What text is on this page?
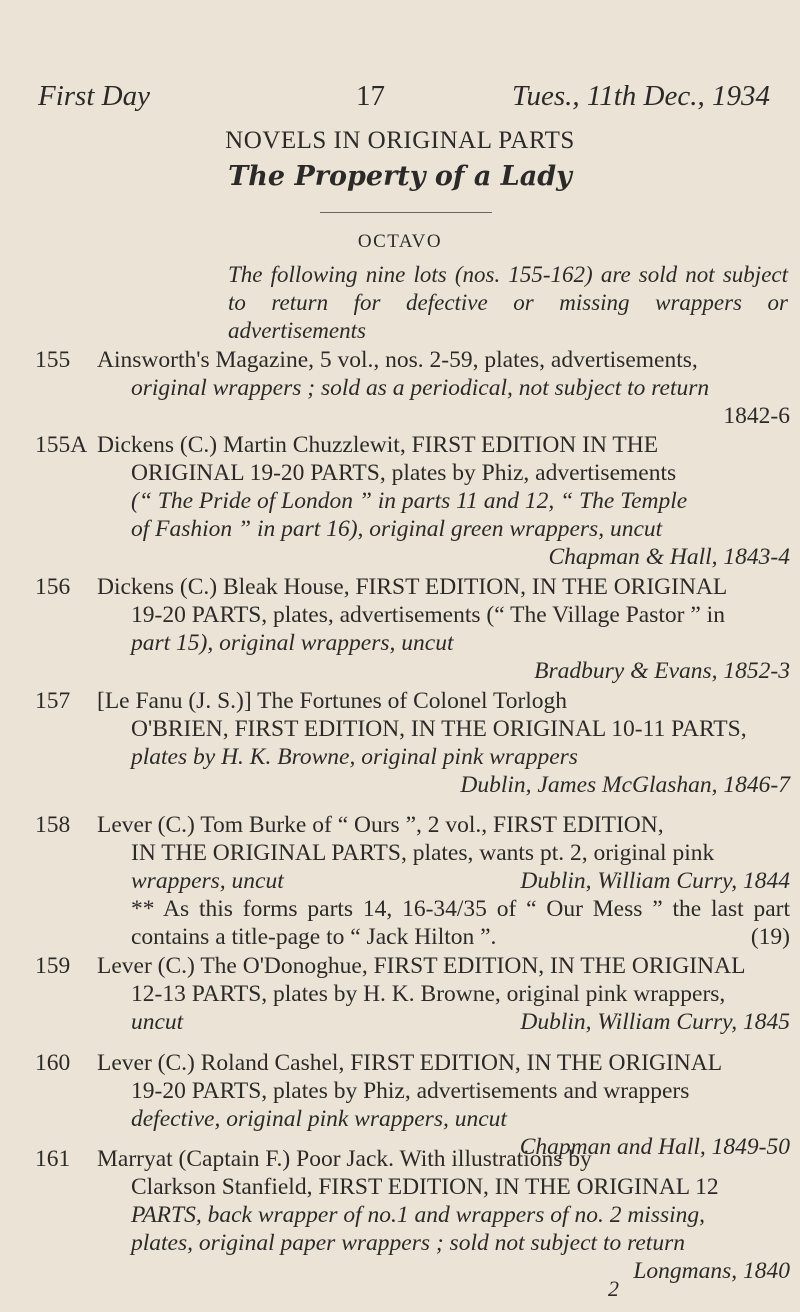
First Day	17	Tues., 11th Dec., 1934
NOVELS IN ORIGINAL PARTS
The Property of a Lady
OCTAVO
The following nine lots (nos. 155-162) are sold not subject to return for defective or missing wrappers or advertisements
155	Ainsworth's Magazine, 5 vol., nos. 2-59, plates, advertisements,
original wrappers ; sold as a periodical, not subject to return
1842-6
155A Dickens (C.) Martin Chuzzlewit, FIRST EDITION IN THE
ORIGINAL 19-20 PARTS, plates by Phiz, advertisements
(“ The Pride of London ” in parts 11 and 12, “ The Temple
of Fashion ” in part 16), original green wrappers, uncut
Chapman & Hall, 1843-4
156	Dickens (C.) Bleak House, FIRST EDITION, IN THE ORIGINAL
19-20 PARTS, plates, advertisements (“ The Village Pastor ” in
part 15), original wrappers, uncut
Bradbury & Evans, 1852-3
157	[Le Fanu (J. S.)] The Fortunes of Colonel Torlogh
O'BRIEN, FIRST EDITION, IN THE ORIGINAL 10-11 PARTS,
plates by H. K. Browne, original pink wrappers
Dublin, James McGlashan, 1846-7
158	Lever (C.) Tom Burke of “ Ours ”, 2 vol., FIRST EDITION,
IN THE ORIGINAL PARTS, plates, wants pt. 2, original pink
wrappers, uncut	Dublin, William Curry, 1844
** As this forms parts 14, 16-34/35 of “ Our Mess ” the last part contains a title-page to “ Jack Hilton ”.	(19)
159	Lever (C.) The O'Donoghue, FIRST EDITION, IN THE ORIGINAL
12-13 PARTS, plates by H. K. Browne, original pink wrappers,
uncut	Dublin, William Curry, 1845
160	Lever (C.) Roland Cashel, FIRST EDITION, IN THE ORIGINAL
19-20 PARTS, plates by Phiz, advertisements and wrappers
defective, original pink wrappers, uncut
Chapman and Hall, 1849-50
161	Marryat (Captain F.) Poor Jack. With illustrations by
Clarkson Stanfield, FIRST EDITION, IN THE ORIGINAL 12
PARTS, back wrapper of no.1 and wrappers of no. 2 missing,
plates, original paper wrappers ; sold not subject to return
Longmans, 1840
2
